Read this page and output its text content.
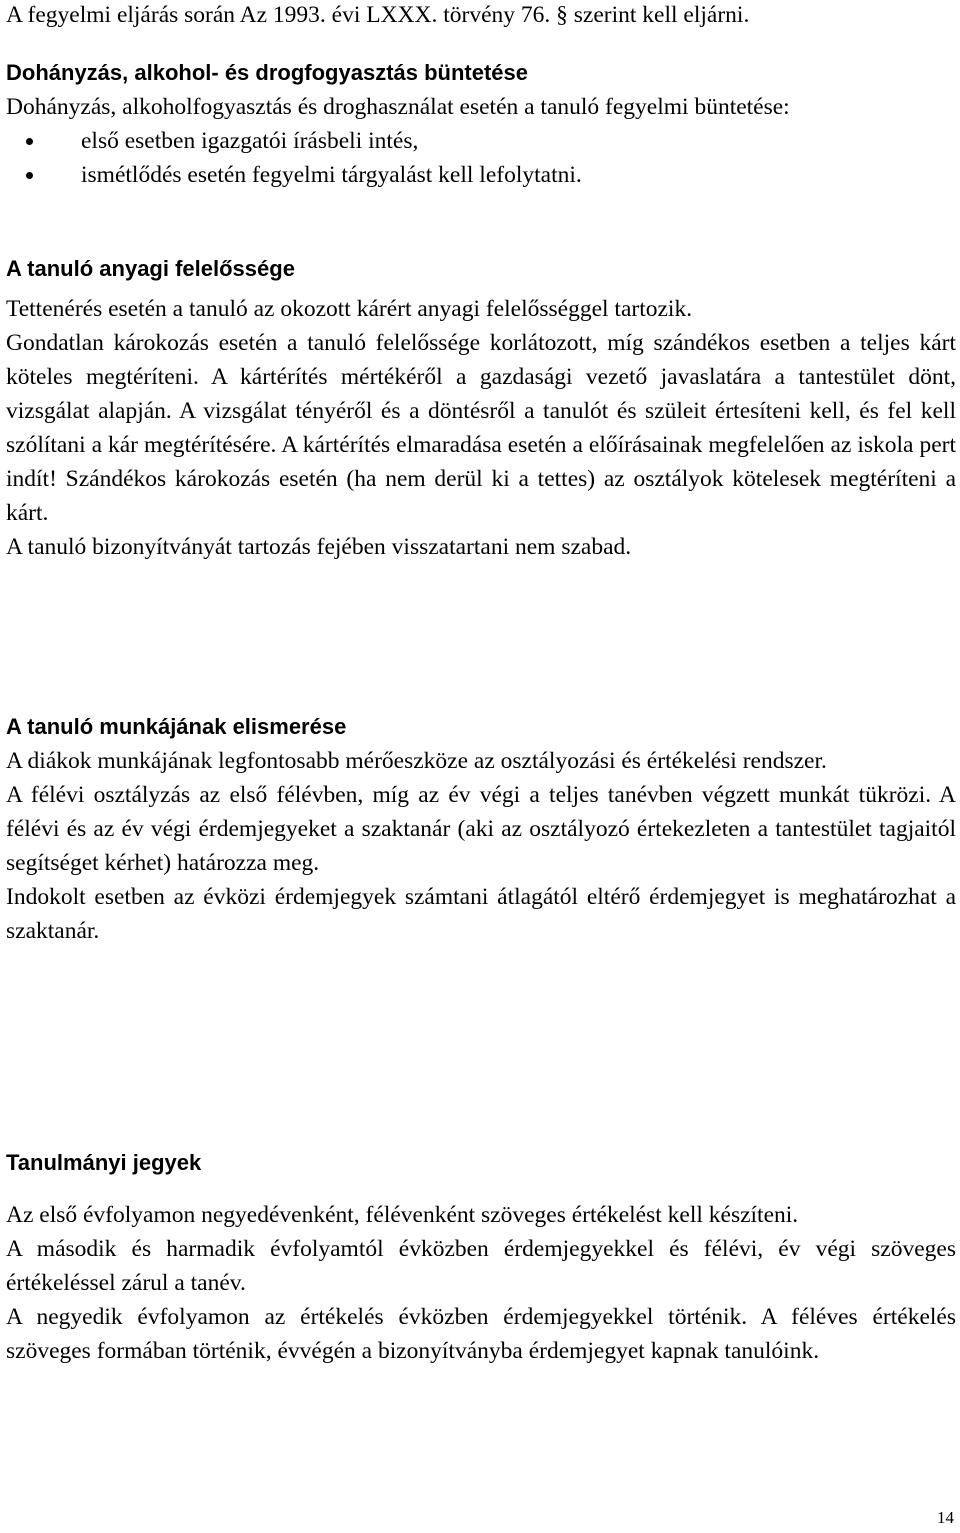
A fegyelmi eljárás során Az 1993. évi LXXX. törvény 76. § szerint kell eljárni.

Dohányzás, alkohol- és drogfogyasztás büntetése

Dohányzás, alkoholfogyasztás és droghasználat esetén a tanuló fegyelmi büntetése:

első esetben igazgatói írásbeli intés,
ismétlődés esetén fegyelmi tárgyalást kell lefolytatni.
A tanuló anyagi felelőssége

Tettenérés esetén a tanuló az okozott kárért anyagi felelősséggel tartozik.

Gondatlan károkozás esetén a tanuló felelőssége korlátozott, míg szándékos esetben a teljes kárt köteles megtéríteni. A kártérítés mértékéről a gazdasági vezető javaslatára a tantestület dönt, vizsgálat alapján. A vizsgálat tényéről és a döntésről a tanulót és szüleit értesíteni kell, és fel kell szólítani a kár megtérítésére. A kártérítés elmaradása esetén a előírásainak megfelelően az iskola pert indít! Szándékos károkozás esetén (ha nem derül ki a tettes) az osztályok kötelesek megtéríteni a kárt.

A tanuló bizonyítványát tartozás fejében visszatartani nem szabad.

A tanuló munkájának elismerése

A diákok munkájának legfontosabb mérőeszköze az osztályozási és értékelési rendszer.

A félévi osztályzás az első félévben, míg az év végi a teljes tanévben végzett munkát tükrözi. A félévi és az év végi érdemjegyeket a szaktanár (aki az osztályozó értekezleten a tantestület tagjaitól segítséget kérhet) határozza meg.

Indokolt esetben az évközi érdemjegyek számtani átlagától eltérő érdemjegyet is meghatározhat a szaktanár.

Tanulmányi jegyek

Az első évfolyamon negyedévenként, félévenként szöveges értékelést kell készíteni.

A második és harmadik évfolyamtól évközben érdemjegyekkel és félévi, év végi szöveges értékeléssel zárul a tanév.

A negyedik évfolyamon az értékelés évközben érdemjegyekkel történik. A féléves értékelés szöveges formában történik, évvégén a bizonyítványba érdemjegyet kapnak tanulóink.

14
